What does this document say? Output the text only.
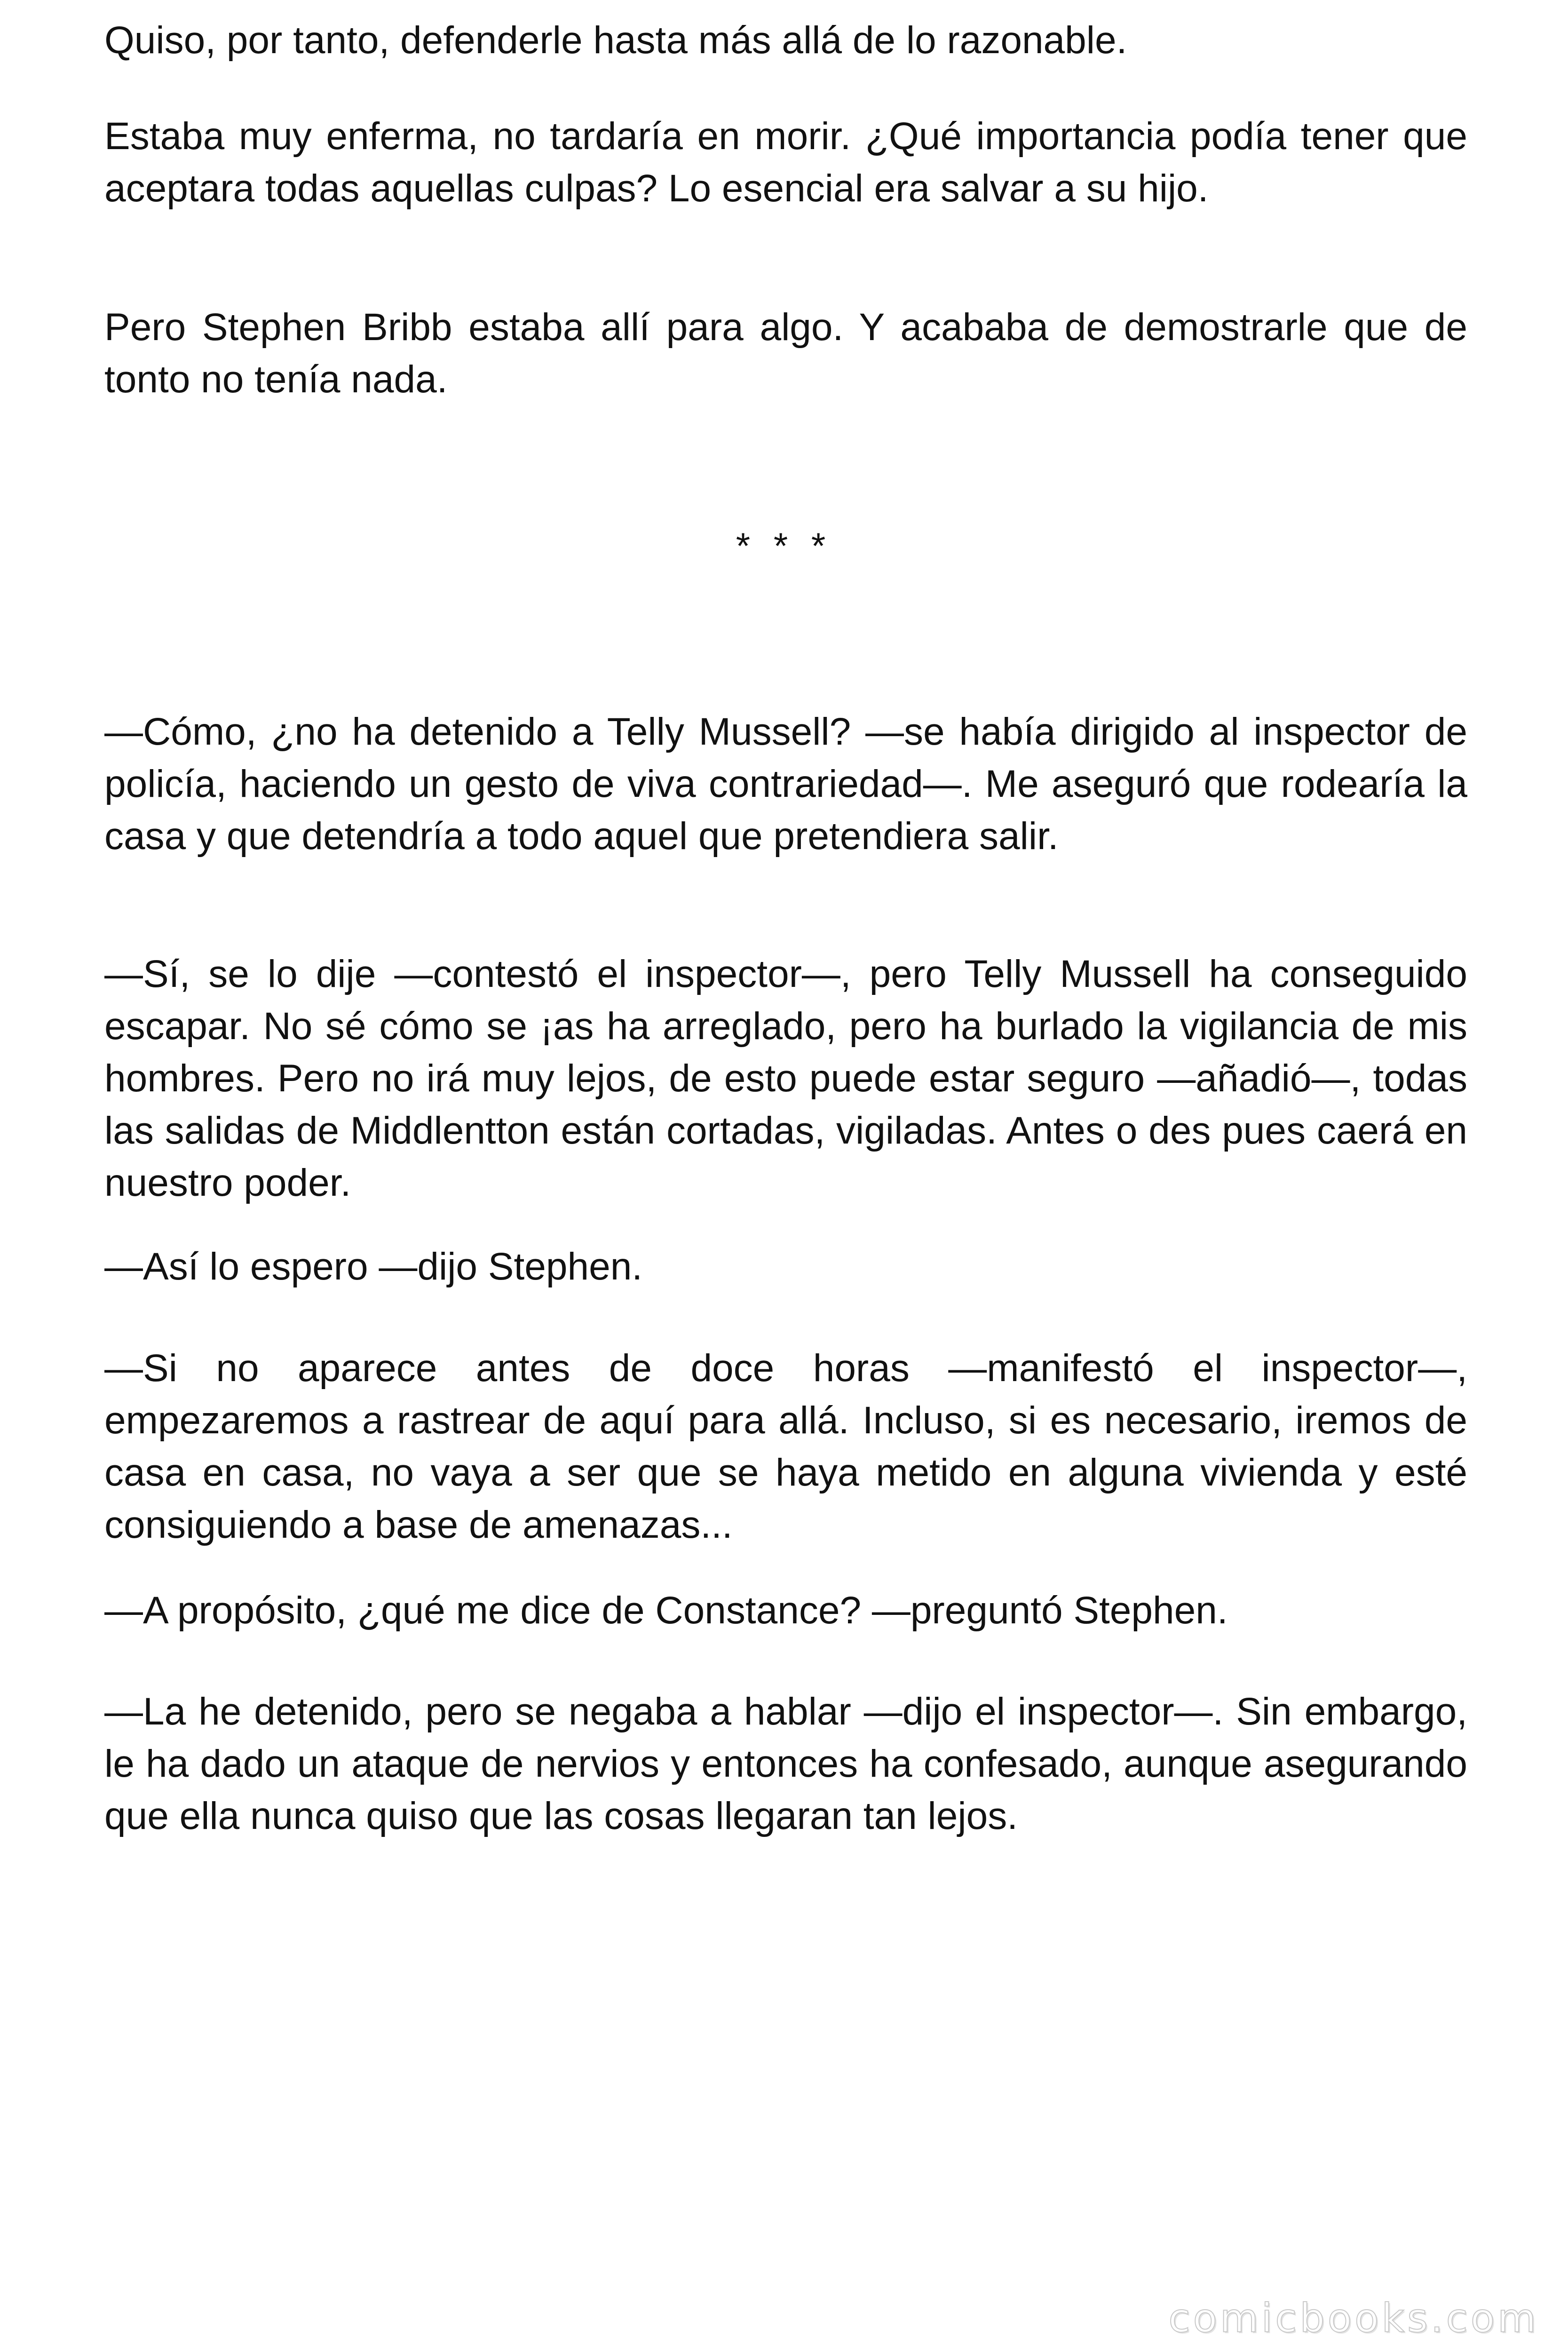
Quiso, por tanto, defenderle hasta más allá de lo razonable.

Estaba muy enferma, no tardaría en morir. ¿Qué importancia podía tener que aceptara todas aquellas culpas? Lo esencial era salvar a su hijo.

Pero Stephen Bribb estaba allí para algo. Y acababa de demostrarle que de tonto no tenía nada.

* * *

—Cómo, ¿no ha detenido a Telly Mussell? —se había dirigido al inspector de policía, haciendo un gesto de viva contrariedad—. Me aseguró que rodearía la casa y que detendría a todo aquel que pretendiera salir.

—Sí, se lo dije —contestó el inspector—, pero Telly Mussell ha conseguido escapar. No sé cómo se ¡as ha arreglado, pero ha burlado la vigilancia de mis hombres. Pero no irá muy lejos, de esto puede estar seguro —añadió—, todas las salidas de Middlentton están cortadas, vigiladas. Antes o des pues caerá en nuestro poder.

—Así lo espero —dijo Stephen.

—Si no aparece antes de doce horas —manifestó el inspector—, empezaremos a rastrear de aquí para allá. Incluso, si es necesario, iremos de casa en casa, no vaya a ser que se haya metido en alguna vivienda y esté consiguiendo a base de amenazas...

—A propósito, ¿qué me dice de Constance? —preguntó Stephen.

—La he detenido, pero se negaba a hablar —dijo el inspector—. Sin embargo, le ha dado un ataque de nervios y entonces ha confesado, aunque asegurando que ella nunca quiso que las cosas llegaran tan lejos.

comicbooks.com
